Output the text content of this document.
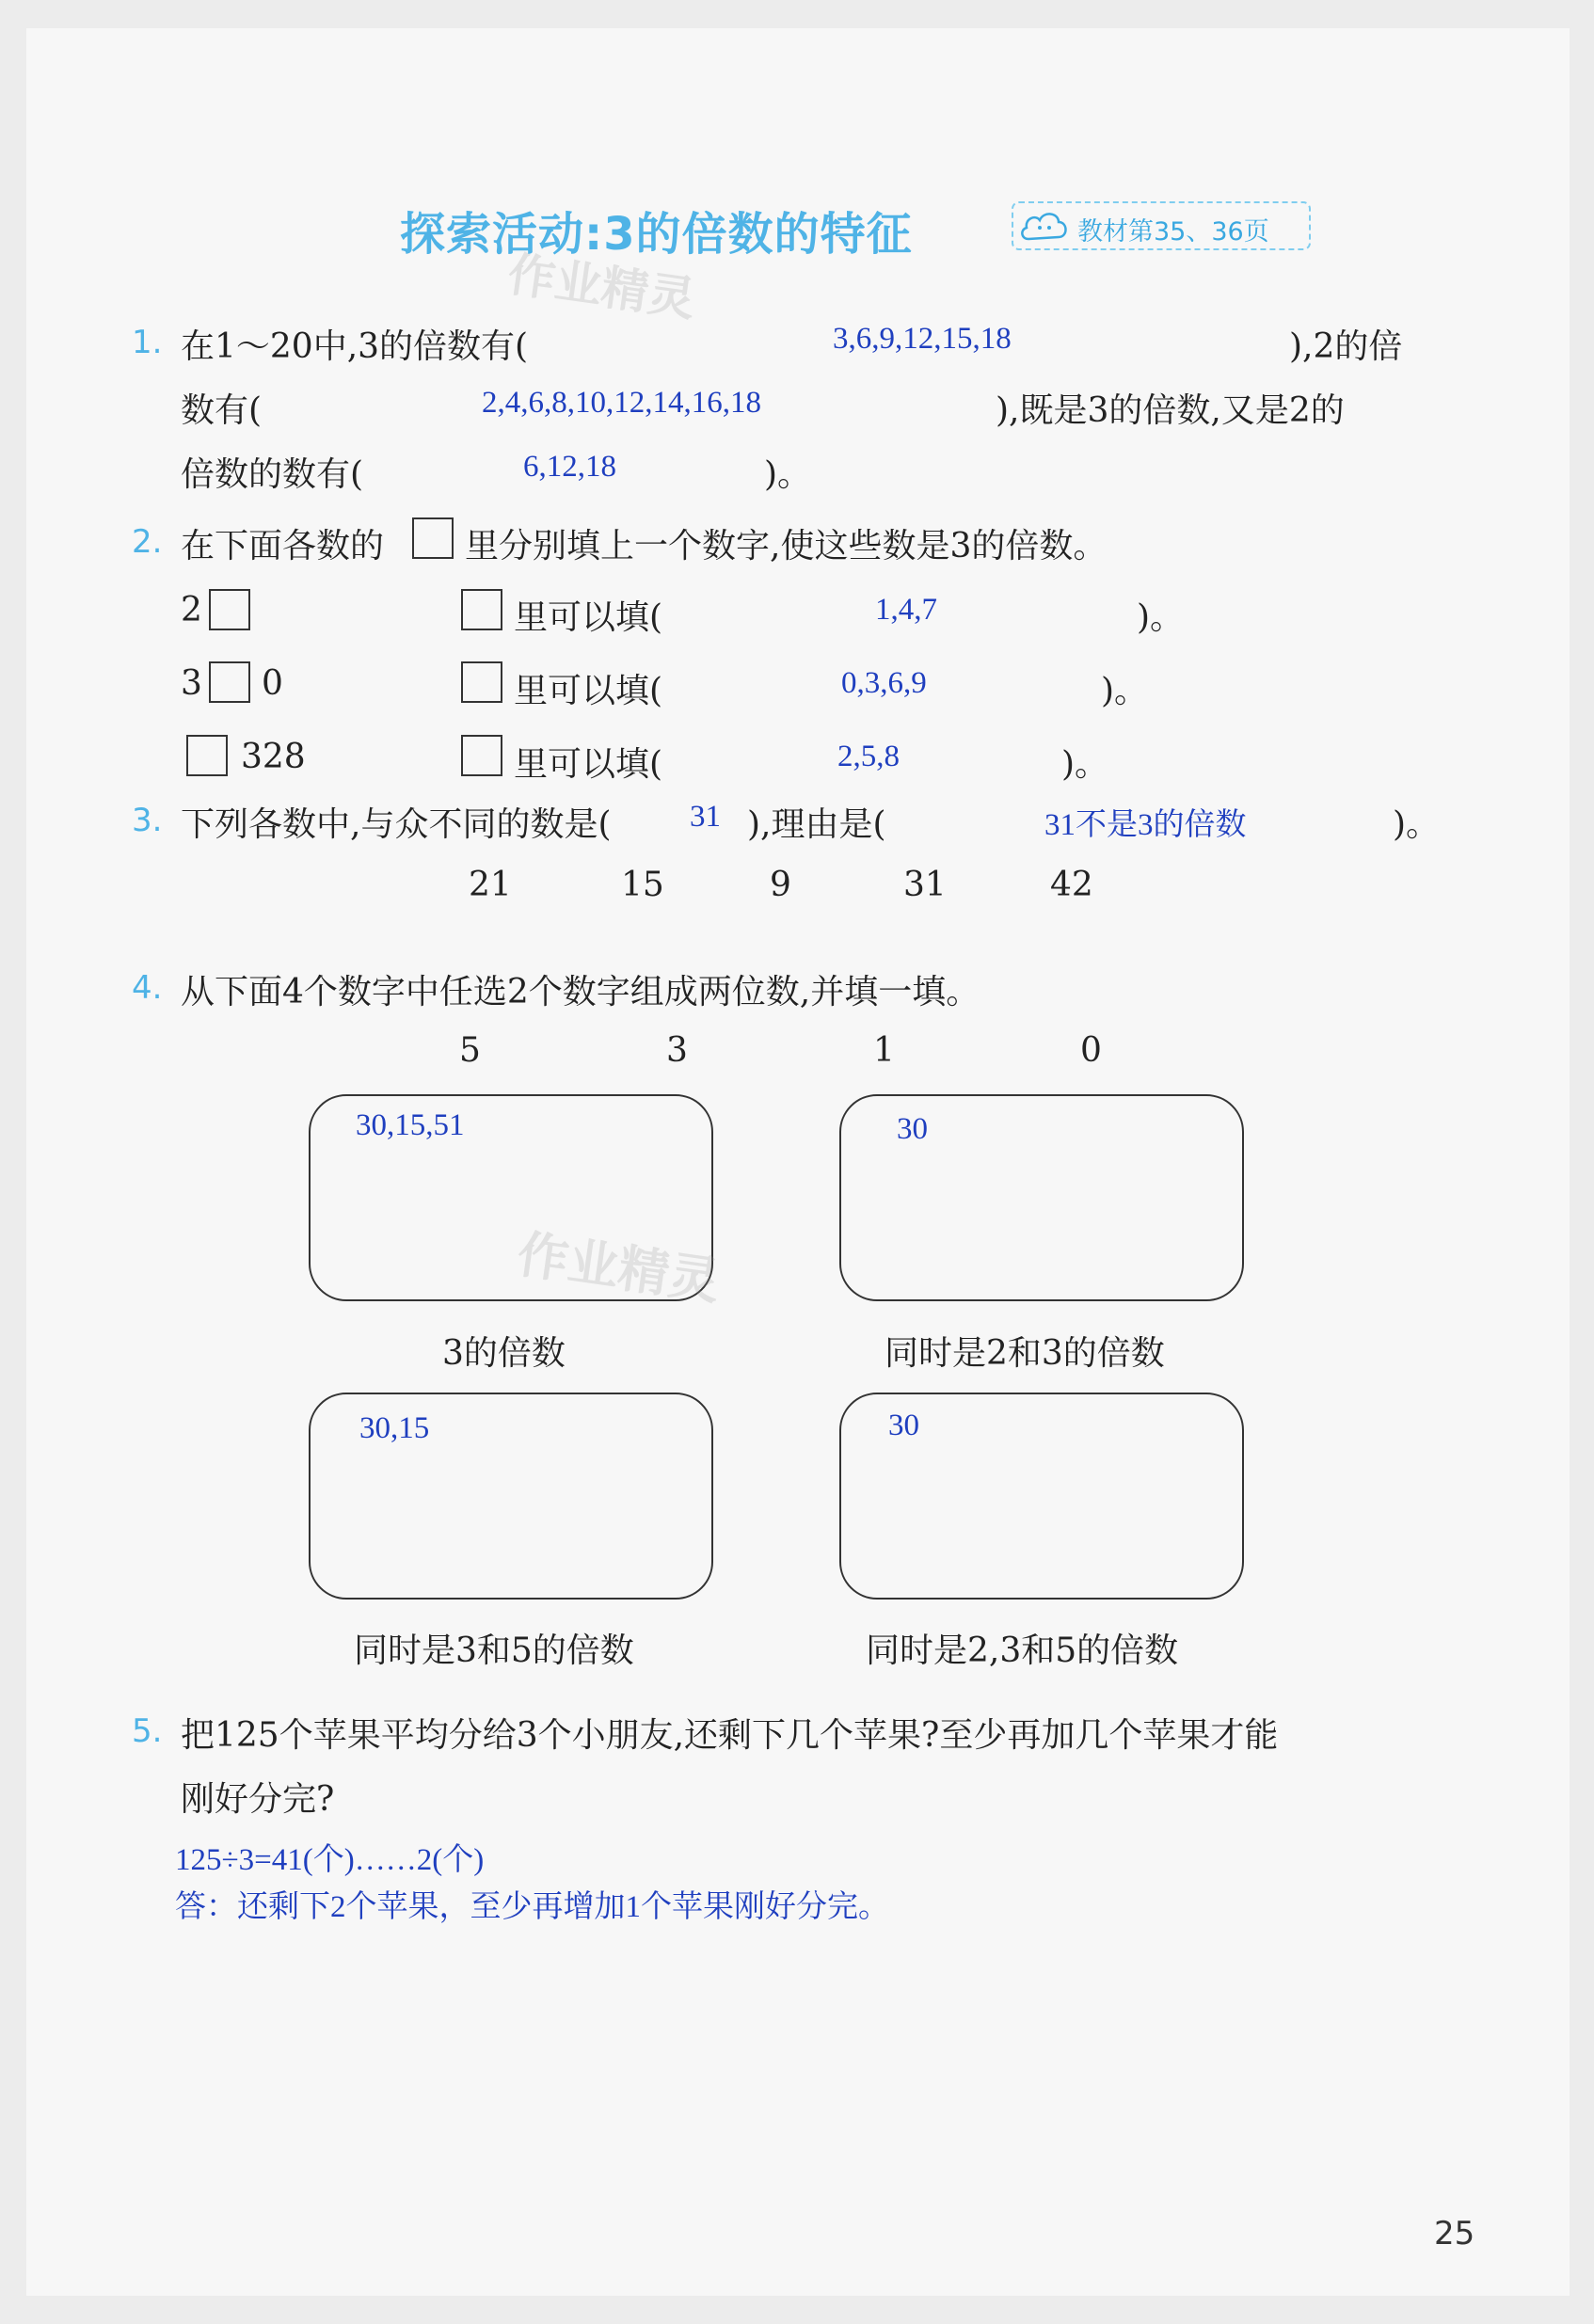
探索活动:3的倍数的特征	教材第35、36页
作业精灵
1. 在1～20中,3的倍数有(	3,6,9,12,15,18	),2的倍
数有(	2,4,6,8,10,12,14,16,18	),既是3的倍数,又是2的
倍数的数有(	6,12,18	)。
2. 在下面各数的 里分别填上一个数字,使这些数是3的倍数。
2	里可以填(	1,4,7	)。
3 0	里可以填(	0,3,6,9	)。
328	里可以填(	2,5,8	)。
3. 下列各数中,与众不同的数是(	31 ),理由是(	31不是3的倍数	)。
21	15	9	31	42
4. 从下面4个数字中任选2个数字组成两位数,并填一填。
5	3	1	0
30,15,51
3的倍数
作业精灵
30
同时是2和3的倍数
30,15
同时是3和5的倍数
30
同时是2,3和5的倍数
5. 把125个苹果平均分给3个小朋友,还剩下几个苹果?至少再加几个苹果才能
刚好分完?
125÷3=41(个)……2(个)
答：还剩下2个苹果，至少再增加1个苹果刚好分完。
25
